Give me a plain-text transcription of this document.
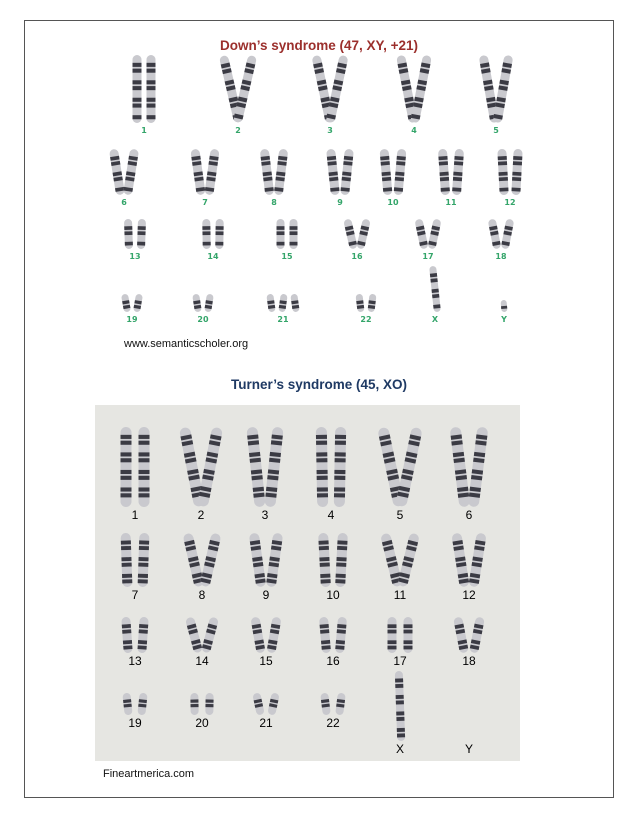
Down’s syndrome (47, XY, +21)
1	2	3	4	5
6	7	8	9	10	11	12
13	14	15	16	17	18
19	20	21	22	X	Y
www.semanticscholer.org
Turner’s syndrome (45, XO)
1	2	3	4	5	6
7	8	9	10	11	12
13	14	15	16	17	18
19	20	21	22
X	Y
Fineartmerica.com
